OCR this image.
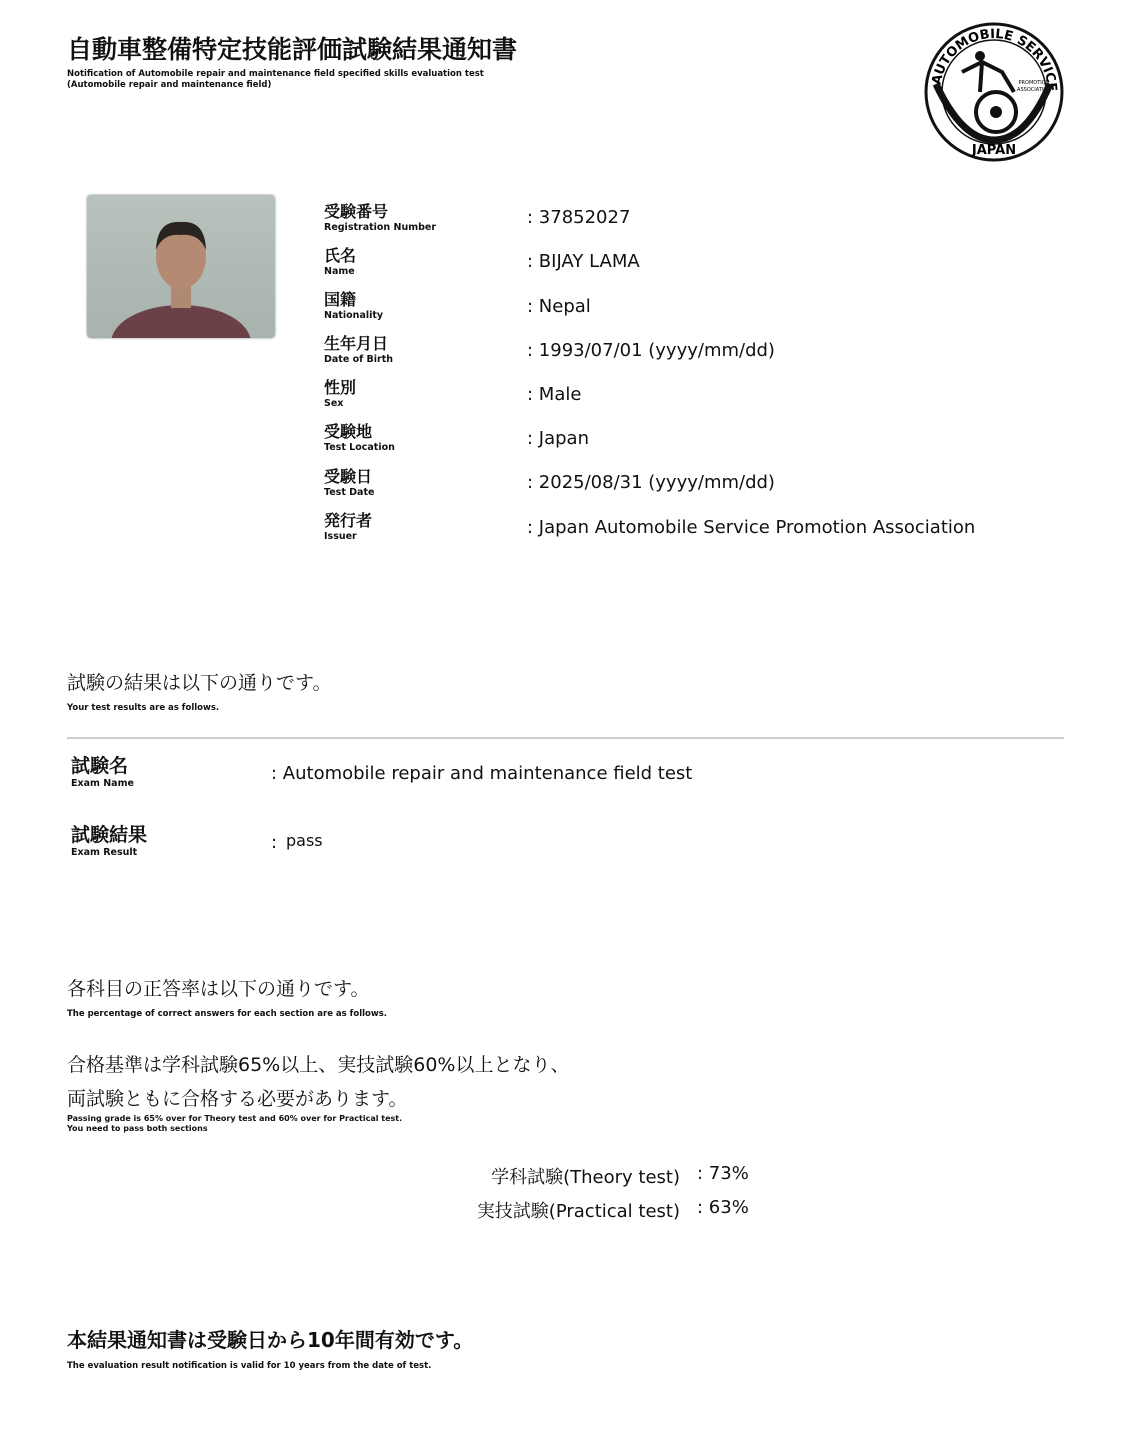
自動車整備特定技能評価試験結果通知書
Notification of Automobile repair and maintenance field specified skills evaluation test
(Automobile repair and maintenance field)	AUTOMOBILE SERVICE
JAPAN
PROMOTION
ASSOCIATION
受験番号
Registration Number	: 37852027
氏名
Name	: BIJAY LAMA
国籍
Nationality	: Nepal
生年月日
Date of Birth	: 1993/07/01 (yyyy/mm/dd)
性別
Sex	: Male
受験地
Test Location	: Japan
受験日
Test Date	: 2025/08/31 (yyyy/mm/dd)
発行者
Issuer	: Japan Automobile Service Promotion Association
試験の結果は以下の通りです。
Your test results are as follows.
試験名
Exam Name	: Automobile repair and maintenance field test
試験結果
Exam Result	: pass
各科目の正答率は以下の通りです。
The percentage of correct answers for each section are as follows.
合格基準は学科試験65%以上、実技試験60%以上となり、
両試験ともに合格する必要があります。
Passing grade is 65% over for Theory test and 60% over for Practical test.
You need to pass both sections
学科試験(Theory test) : 73%
実技試験(Practical test) : 63%
本結果通知書は受験日から10年間有効です。
The evaluation result notification is valid for 10 years from the date of test.
